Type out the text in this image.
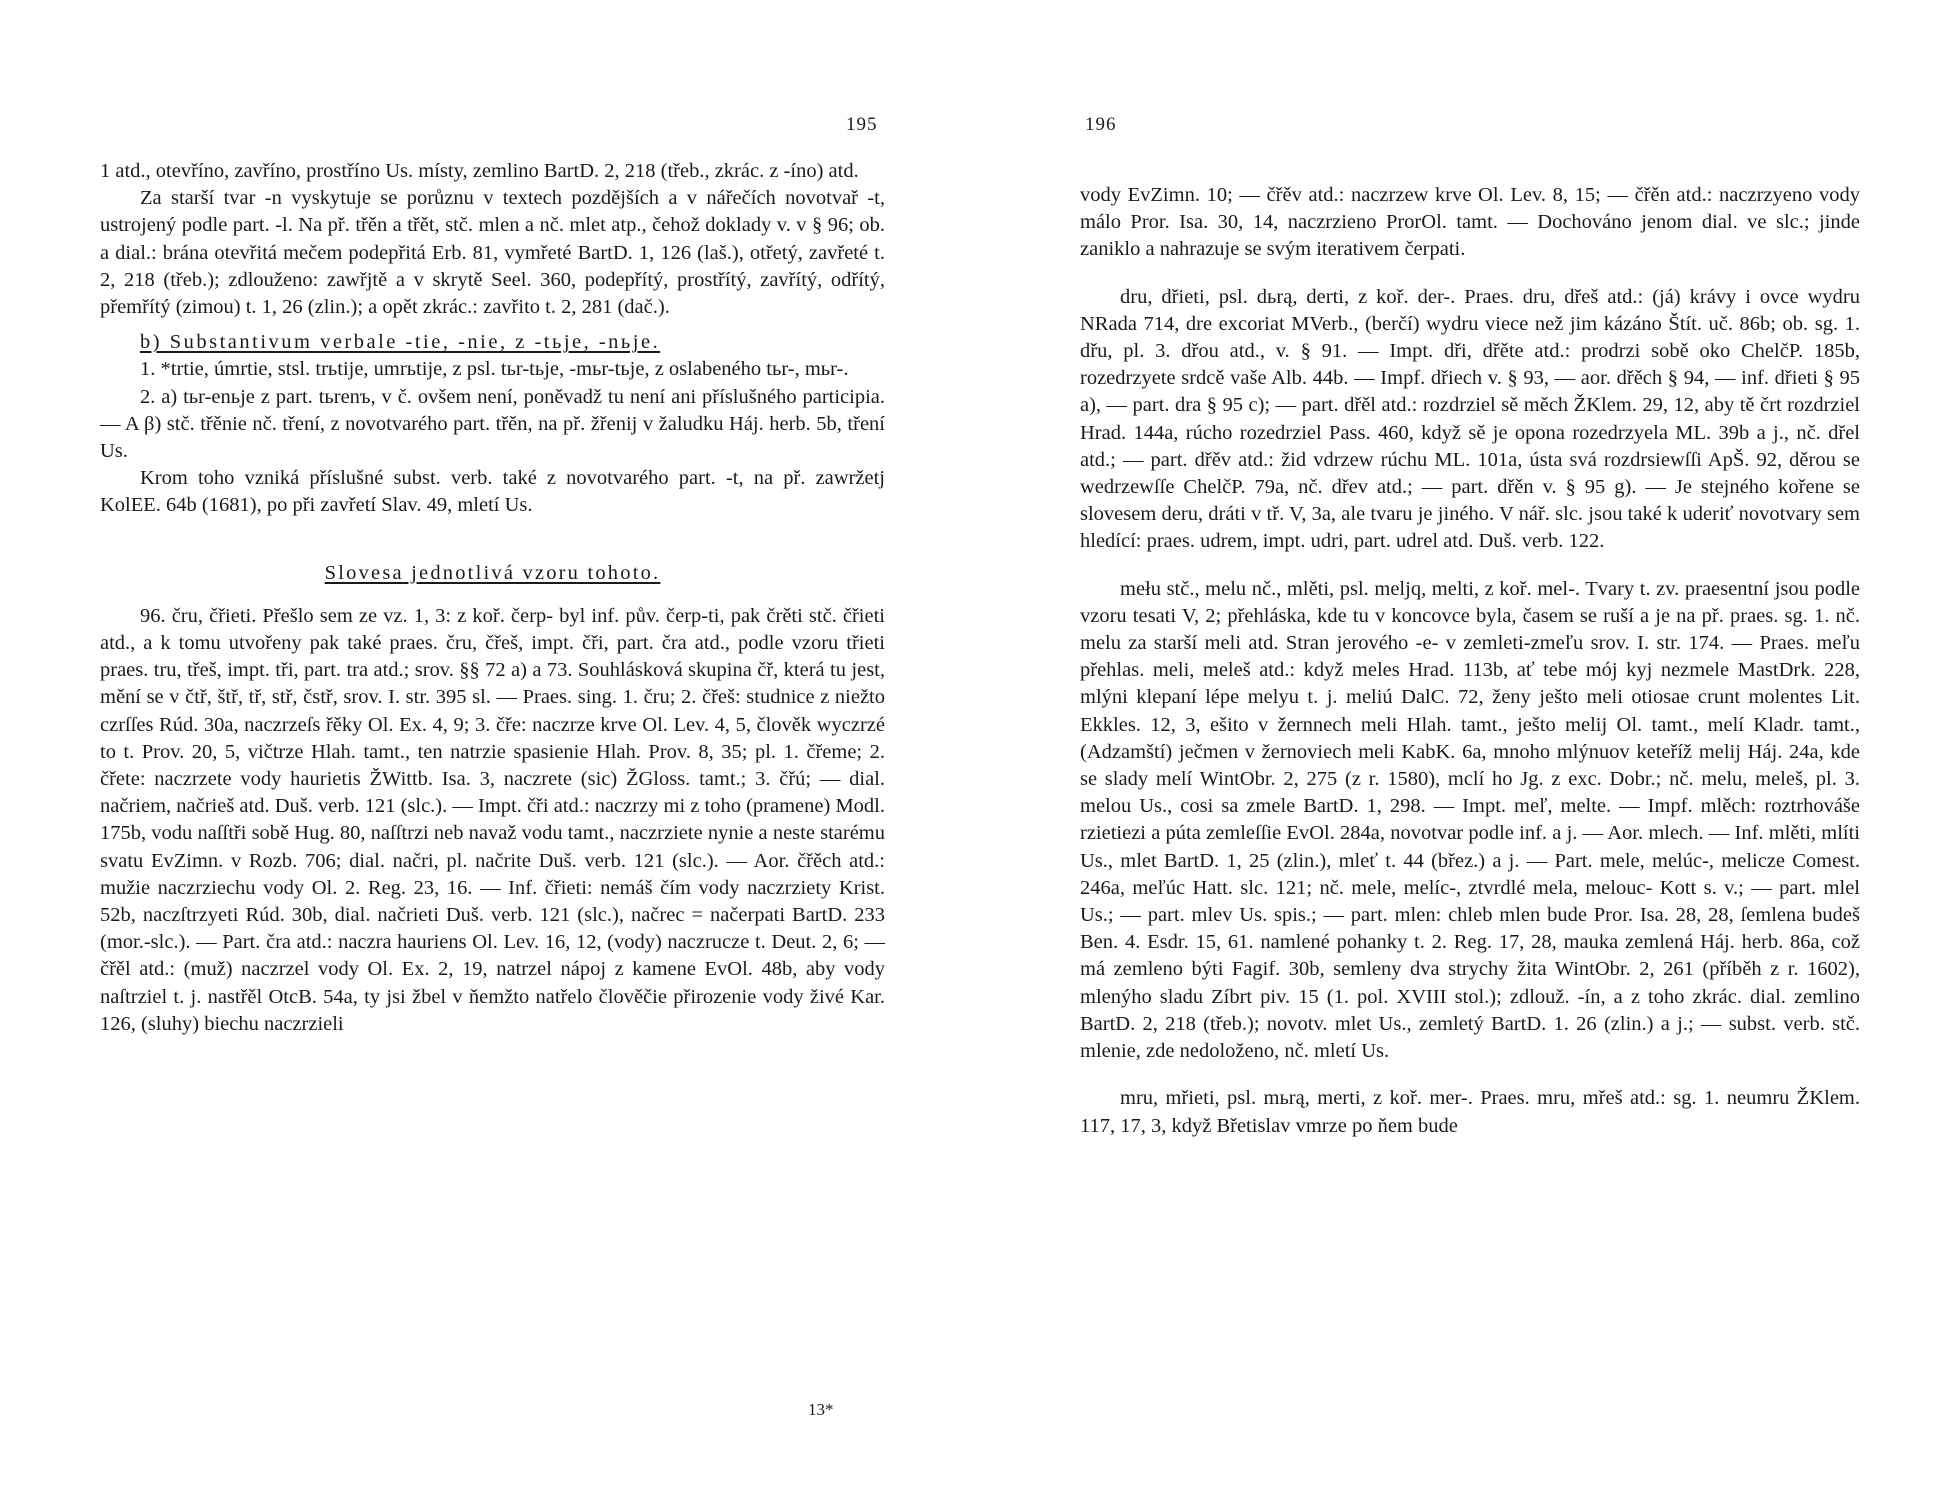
195

1 atd., otevříno, zavříno, prostříno Us. místy, zemlino BartD. 2, 218 (třeb., zkrác. z -íno) atd.

Za starší tvar -n vyskytuje se porůznu v textech pozdějších a v nářečích novotvař -t, ustrojený podle part. -l. Na př. třěn a třět, stč. mlen a nč. mlet atp., čehož doklady v. v § 96; ob. a dial.: brána otevřitá mečem podepřitá Erb. 81, vymřeté BartD. 1, 126 (laš.), otřetý, zavřeté t. 2, 218 (třeb.); zdlouženo: zawřjtě a v skrytě Seel. 360, podepřítý, prostřítý, zavřítý, odřítý, přemřítý (zimou) t. 1, 26 (zlin.); a opět zkrác.: zavřito t. 2, 281 (dač.).

b) Substantivum verbale -tie, -nie, z -tьje, -nьje.

1. *trtie, úmrtie, stsl. trьtije, umrьtije, z psl. tьr-tьje, -mьr-tьje, z oslabeného tьr-, mьr-.

2. a) tьr-enьje z part. tьrenъ, v č. ovšem není, poněvadž tu není ani příslušného participia. — A β) stč. třěnie nč. tření, z novotvarého part. třěn, na př. žřenij v žaludku Háj. herb. 5b, tření Us.

Krom toho vzniká příslušné subst. verb. také z novotvarého part. -t, na př. zawržetj KolEE. 64b (1681), po při zavřetí Slav. 49, mletí Us.

Slovesa jednotlivá vzoru tohoto.

96. čru, čřieti. Přešlo sem ze vz. 1, 3: z koř. čerp- byl inf. pův. čerp-ti, pak črěti stč. čřieti atd., a k tomu utvořeny pak také praes. čru, čřeš, impt. čři, part. čra atd., podle vzoru třieti praes. tru, třeš, impt. tři, part. tra atd.; srov. §§ 72 a) a 73. Souhlásková skupina čř, která tu jest, mění se v čtř, štř, tř, stř, čstř, srov. I. str. 395 sl. — Praes. sing. 1. čru; 2. čřeš: studnice z niežto czrſſes Rúd. 30a, naczrzeſs řěky Ol. Ex. 4, 9; 3. čře: naczrze krve Ol. Lev. 4, 5, člověk wyczrzé to t. Prov. 20, 5, vičtrze Hlah. tamt., ten natrzie spasienie Hlah. Prov. 8, 35; pl. 1. čřeme; 2. čřete: naczrzete vody haurietis ŽWittb. Isa. 3, naczrete (sic) ŽGloss. tamt.; 3. čřú; — dial. načriem, načrieš atd. Duš. verb. 121 (slc.). — Impt. čři atd.: naczrzy mi z toho (pramene) Modl. 175b, vodu naſſtři sobě Hug. 80, naſſtrzi neb navaž vodu tamt., naczrziete nynie a neste starému svatu EvZimn. v Rozb. 706; dial. načri, pl. načrite Duš. verb. 121 (slc.). — Aor. čřěch atd.: mužie naczrziechu vody Ol. 2. Reg. 23, 16. — Inf. čřieti: nemáš čím vody naczrziety Krist. 52b, naczſtrzyeti Rúd. 30b, dial. načrieti Duš. verb. 121 (slc.), načrec = načerpati BartD. 233 (mor.-slc.). — Part. čra atd.: naczra hauriens Ol. Lev. 16, 12, (vody) naczrucze t. Deut. 2, 6; — čřěl atd.: (muž) naczrzel vody Ol. Ex. 2, 19, natrzel nápoj z kamene EvOl. 48b, aby vody naſtrziel t. j. nastřěl OtcB. 54a, ty jsi žbel v ňemžto natřelo člověčie přirozenie vody živé Kar. 126, (sluhy) biechu naczrzieli

13*
196

vody EvZimn. 10; — čřěv atd.: naczrzew krve Ol. Lev. 8, 15; — čřěn atd.: naczrzyeno vody málo Pror. Isa. 30, 14, naczrzieno ProrOl. tamt. — Dochováno jenom dial. ve slc.; jinde zaniklo a nahrazuje se svým iterativem čerpati.

dru, dřieti, psl. dьrą, derti, z koř. der-. Praes. dru, dřeš atd.: (já) krávy i ovce wydru NRada 714, dre excoriat MVerb., (berčí) wydru viece než jim kázáno Štít. uč. 86b; ob. sg. 1. dřu, pl. 3. dřou atd., v. § 91. — Impt. dři, dřěte atd.: prodrzi sobě oko ChelčP. 185b, rozedrzyete srdcě vaše Alb. 44b. — Impf. dřiech v. § 93, — aor. dřěch § 94, — inf. dřieti § 95 a), — part. dra § 95 c); — part. dřěl atd.: rozdrziel sě měch ŽKlem. 29, 12, aby tě črt rozdrziel Hrad. 144a, rúcho rozedrziel Pass. 460, když sě je opona rozedrzyela ML. 39b a j., nč. dřel atd.; — part. dřěv atd.: žid vdrzew rúchu ML. 101a, ústa svá rozdrsiewſſi ApŠ. 92, děrou se wedrzewſſe ChelčP. 79a, nč. dřev atd.; — part. dřěn v. § 95 g). — Je stejného kořene se slovesem deru, dráti v tř. V, 3a, ale tvaru je jiného. V nář. slc. jsou také k uderiť novotvary sem hledící: praes. udrem, impt. udri, part. udrel atd. Duš. verb. 122.

mełu stč., melu nč., mlěti, psl. meljq, melti, z koř. mel-. Tvary t. zv. praesentní jsou podle vzoru tesati V, 2; přehláska, kde tu v koncovce byla, časem se ruší a je na př. praes. sg. 1. nč. melu za starší meli atd. Stran jerového -e- v zemleti-zmeľu srov. I. str. 174. — Praes. meľu přehlas. meli, meleš atd.: když meles Hrad. 113b, ať tebe mój kyj nezmele MastDrk. 228, mlýni klepaní lépe melyu t. j. meliú DalC. 72, ženy ješto meli otiosae crunt molentes Lit. Ekkles. 12, 3, ešito v žernnech meli Hlah. tamt., ješto melij Ol. tamt., melí Kladr. tamt., (Adzamští) ječmen v žernoviech meli KabK. 6a, mnoho mlýnuov keteříž melij Háj. 24a, kde se slady melí WintObr. 2, 275 (z r. 1580), mclí ho Jg. z exc. Dobr.; nč. melu, meleš, pl. 3. melou Us., cosi sa zmele BartD. 1, 298. — Impt. meľ, melte. — Impf. mlěch: roztrhováše rzietiezi a púta zemleſſie EvOl. 284a, novotvar podle inf. a j. — Aor. mlech. — Inf. mlěti, mlíti Us., mlet BartD. 1, 25 (zlin.), mleť t. 44 (břez.) a j. — Part. mele, melúc-, melicze Comest. 246a, meľúc Hatt. slc. 121; nč. mele, melíc-, ztvrdlé mela, melouc- Kott s. v.; — part. mlel Us.; — part. mlev Us. spis.; — part. mlen: chleb mlen bude Pror. Isa. 28, 28, ſemlena budeš Ben. 4. Esdr. 15, 61. namlené pohanky t. 2. Reg. 17, 28, mauka zemlená Háj. herb. 86a, což má zemleno býti Fagif. 30b, semleny dva strychy žita WintObr. 2, 261 (příběh z r. 1602), mlenýho sladu Zíbrt piv. 15 (1. pol. XVIII stol.); zdlouž. -ín, a z toho zkrác. dial. zemlino BartD. 2, 218 (třeb.); novotv. mlet Us., zemletý BartD. 1. 26 (zlin.) a j.; — subst. verb. stč. mlenie, zde nedoloženo, nč. mletí Us.

mru, mřieti, psl. mьrą, merti, z koř. mer-. Praes. mru, mřeš atd.: sg. 1. neumru ŽKlem. 117, 17, 3, když Břetislav vmrze po ňem bude
